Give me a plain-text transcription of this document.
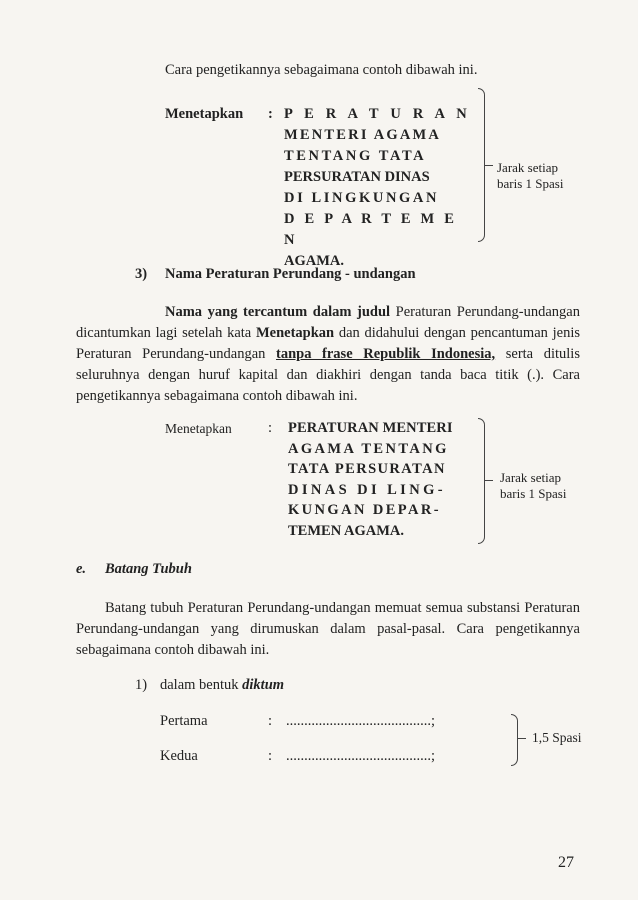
Cara pengetikannya sebagaimana contoh dibawah ini.
Menetapkan : P E R A T U R A N
MENTERI AGAMA
TENTANG TATA
PERSURATAN DINAS
DI LINGKUNGAN
D E P A R T E M E N
AGAMA.
Jarak setiap
baris 1 Spasi
3) Nama Peraturan Perundang - undangan
Nama yang tercantum dalam judul Peraturan Perundang-undangan dicantumkan lagi setelah kata Menetapkan dan didahului dengan pencantuman jenis Peraturan Perundang-undangan tanpa frase Republik Indonesia, serta ditulis seluruhnya dengan huruf kapital dan diakhiri dengan tanda baca titik (.). Cara pengetikannya sebagaimana contoh dibawah ini.
Menetapkan	: PERATURAN MENTERI
AGAMA TENTANG
TATA PERSURATAN
DINAS DI LING-
KUNGAN DEPAR-
TEMEN AGAMA.
Jarak setiap
baris 1 Spasi
e. Batang Tubuh
Batang tubuh Peraturan Perundang-undangan memuat semua substansi Peraturan Perundang-undangan yang dirumuskan dalam pasal-pasal. Cara pengetikannya sebagaimana contoh dibawah ini.
1) dalam bentuk diktum
Pertama	: ........................................;
Kedua	: ........................................;
1,5 Spasi
27
